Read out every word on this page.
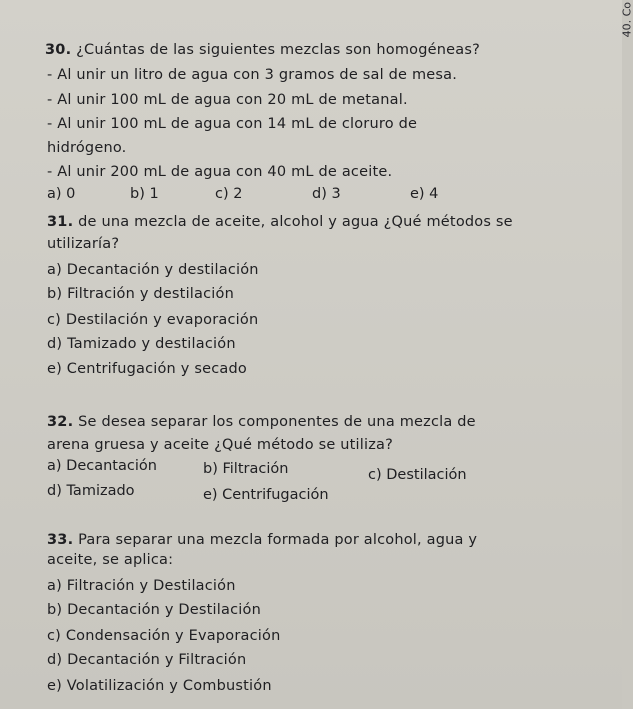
40. Co
30. ¿Cuántas de las siguientes mezclas son homogéneas?
- Al unir un litro de agua con 3 gramos de sal de mesa.
- Al unir 100 mL de agua con 20 mL de metanal.
- Al unir 100 mL de agua con 14 mL de cloruro de
hidrógeno.
- Al unir 200 mL de agua con 40 mL de aceite.
a) 0	b) 1	c) 2	d) 3	e) 4
31. de una mezcla de aceite, alcohol y agua ¿Qué métodos se
utilizaría?
a) Decantación y destilación
b) Filtración y destilación
c) Destilación y evaporación
d) Tamizado y destilación
e) Centrifugación y secado
32. Se desea separar los componentes de una mezcla de
arena gruesa y aceite ¿Qué método se utiliza?
a) Decantación	b) Filtración	c) Destilación
d) Tamizado	e) Centrifugación
33. Para separar una mezcla formada por alcohol, agua y
aceite, se aplica:
a) Filtración y Destilación
b) Decantación y Destilación
c) Condensación y Evaporación
d) Decantación y Filtración
e) Volatilización y Combustión
